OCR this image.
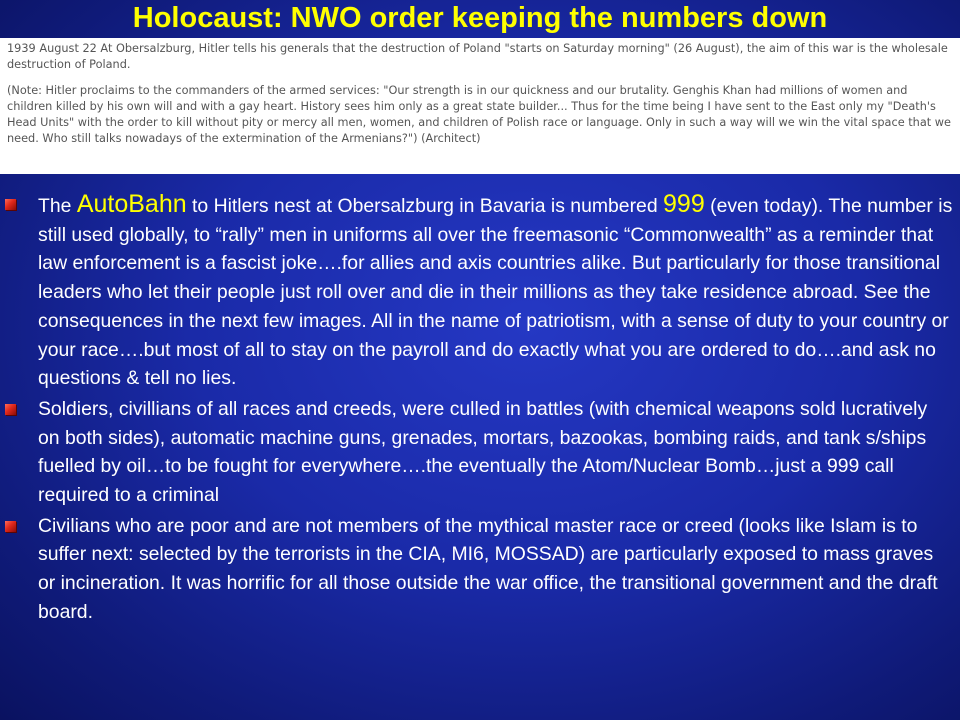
Holocaust: NWO order keeping the numbers down

1939 August 22 At Obersalzburg, Hitler tells his generals that the destruction of Poland "starts on Saturday morning" (26 August), the aim of this war is the wholesale destruction of Poland.

(Note: Hitler proclaims to the commanders of the armed services: "Our strength is in our quickness and our brutality. Genghis Khan had millions of women and children killed by his own will and with a gay heart. History sees him only as a great state builder... Thus for the time being I have sent to the East only my "Death's Head Units" with the order to kill without pity or mercy all men, women, and children of Polish race or language. Only in such a way will we win the vital space that we need. Who still talks nowadays of the extermination of the Armenians?") (Architect)

The AutoBahn to Hitlers nest at Obersalzburg in Bavaria is numbered 999 (even today). The number is still used globally, to “rally” men in uniforms all over the freemasonic “Commonwealth” as a reminder that law enforcement is a fascist joke….for allies and axis countries alike. But particularly for those transitional leaders who let their people just roll over and die in their millions as they take residence abroad. See the consequences in the next few images. All in the name of patriotism, with a sense of duty to your country or your race….but most of all to stay on the payroll and do exactly what you are ordered to do….and ask no questions & tell no lies.
Soldiers, civillians of all races and creeds, were culled in battles (with chemical weapons sold lucratively on both sides), automatic machine guns, grenades, mortars, bazookas, bombing raids, and tank s/ships fuelled by oil…to be fought for everywhere….the eventually the Atom/Nuclear Bomb…just a 999 call required to a criminal
Civilians who are poor and are not members of the mythical master race or creed (looks like Islam is to suffer next: selected by the terrorists in the CIA, MI6, MOSSAD) are particularly exposed to mass graves or incineration. It was horrific for all those outside the war office, the transitional government and the draft board.
